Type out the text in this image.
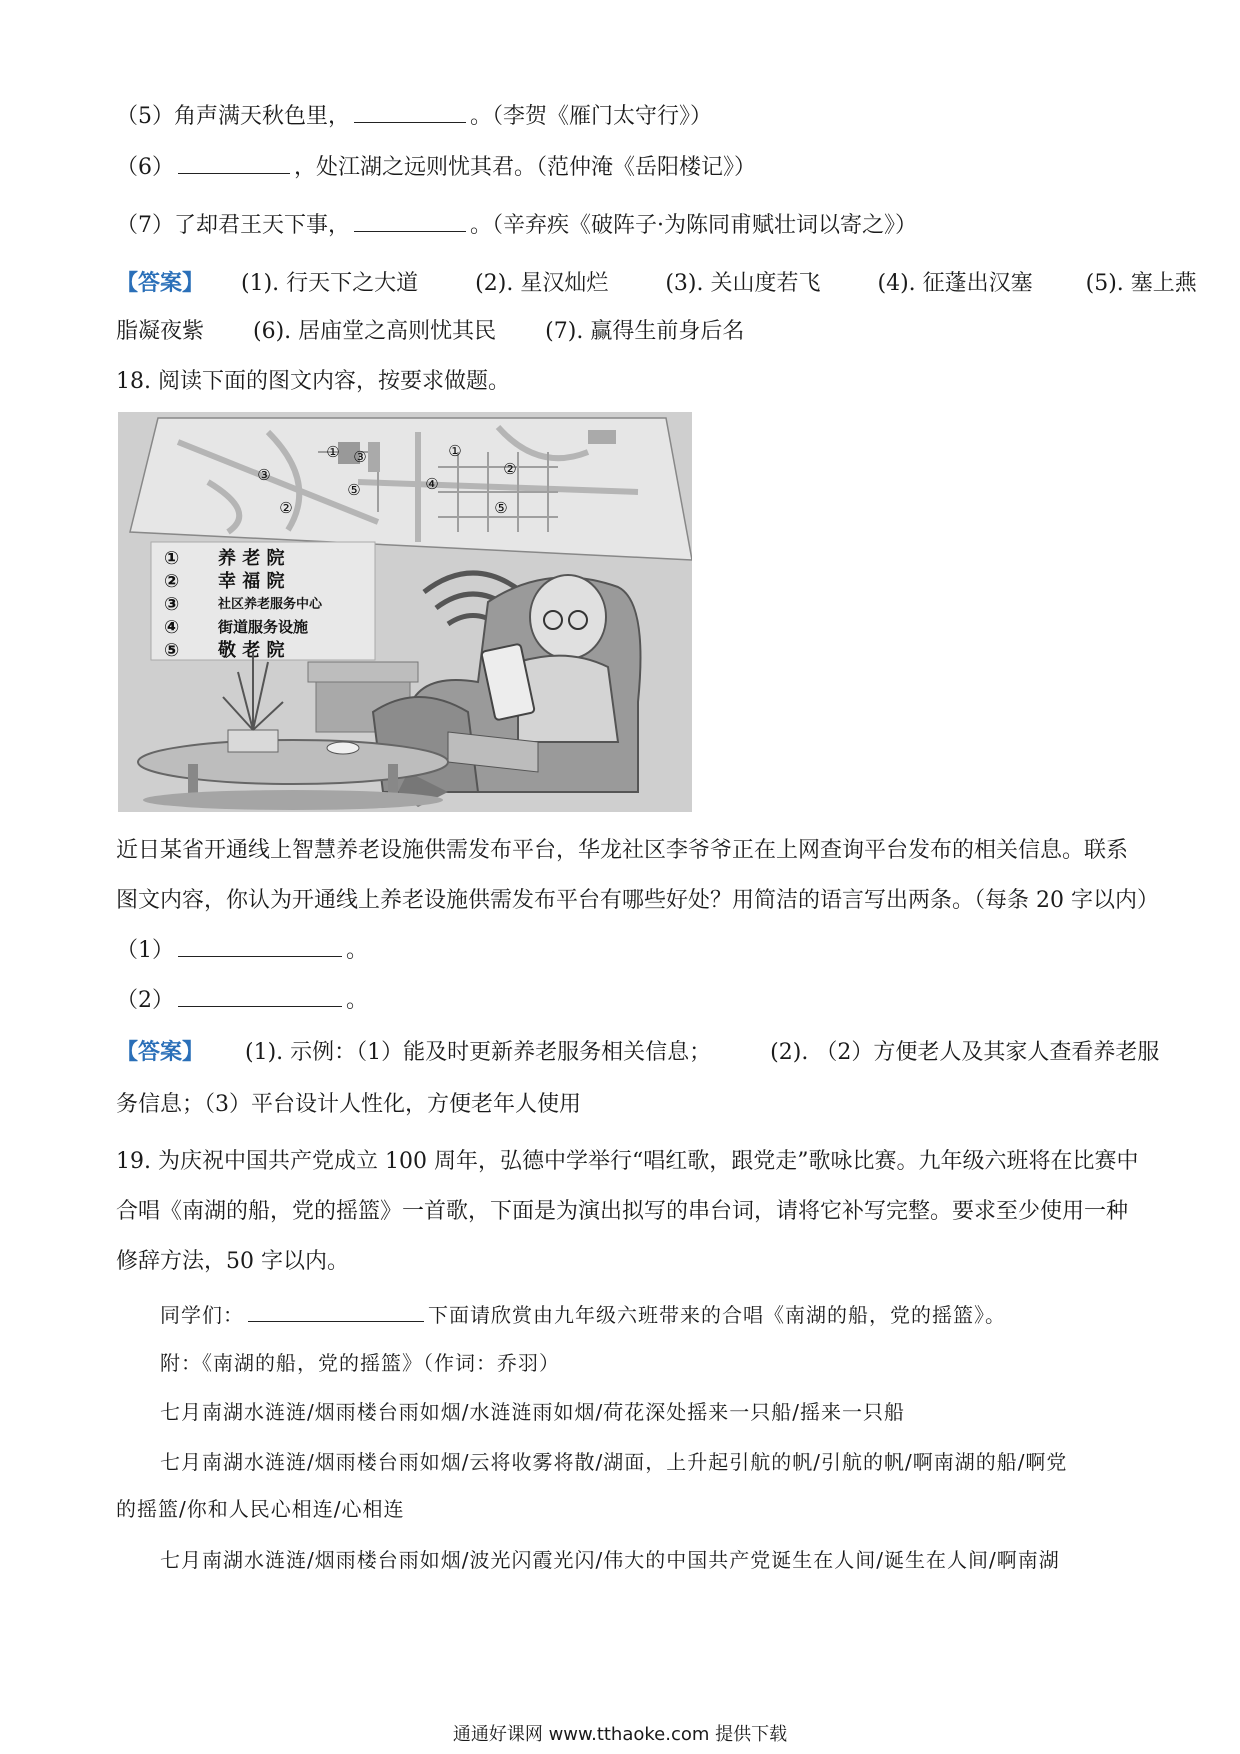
（5）角声满天秋色里，	。（李贺《雁门太守行》）
（6）	，处江湖之远则忧其君。（范仲淹《岳阳楼记》）
（7）了却君王天下事，	。（辛弃疾《破阵子·为陈同甫赋壮词以寄之》）
【答案】 (1). 行天下之大道	(2). 星汉灿烂	(3). 关山度若飞	(4). 征蓬出汉塞 (5). 塞上燕
脂凝夜紫 (6). 居庙堂之高则忧其民 (7). 赢得生前身后名
18. 阅读下面的图文内容，按要求做题。
① ③	①
③	②
⑤	④
②	⑤
① 养 老 院
② 幸 福 院
③	社区养老服务中心
④	街道服务设施
⑤ 敬 老 院
近日某省开通线上智慧养老设施供需发布平台，华龙社区李爷爷正在上网查询平台发布的相关信息。联系
图文内容，你认为开通线上养老设施供需发布平台有哪些好处？用简洁的语言写出两条。（每条 20 字以内）
（1）	。
（2）	。
【答案】 (1). 示例：（1）能及时更新养老服务相关信息；	(2). （2）方便老人及其家人查看养老服
务信息；（3）平台设计人性化，方便老年人使用
19. 为庆祝中国共产党成立 100 周年，弘德中学举行“唱红歌，跟党走”歌咏比赛。九年级六班将在比赛中
合唱《南湖的船，党的摇篮》一首歌，下面是为演出拟写的串台词，请将它补写完整。要求至少使用一种
修辞方法，50 字以内。
同学们：	下面请欣赏由九年级六班带来的合唱《南湖的船，党的摇篮》。
附：《南湖的船，党的摇篮》（作词：乔羽）
七月南湖水涟涟/烟雨楼台雨如烟/水涟涟雨如烟/荷花深处摇来一只船/摇来一只船
七月南湖水涟涟/烟雨楼台雨如烟/云将收雾将散/湖面，上升起引航的帆/引航的帆/啊南湖的船/啊党
的摇篮/你和人民心相连/心相连
七月南湖水涟涟/烟雨楼台雨如烟/波光闪霞光闪/伟大的中国共产党诞生在人间/诞生在人间/啊南湖
通通好课网 www.tthaoke.com 提供下载
